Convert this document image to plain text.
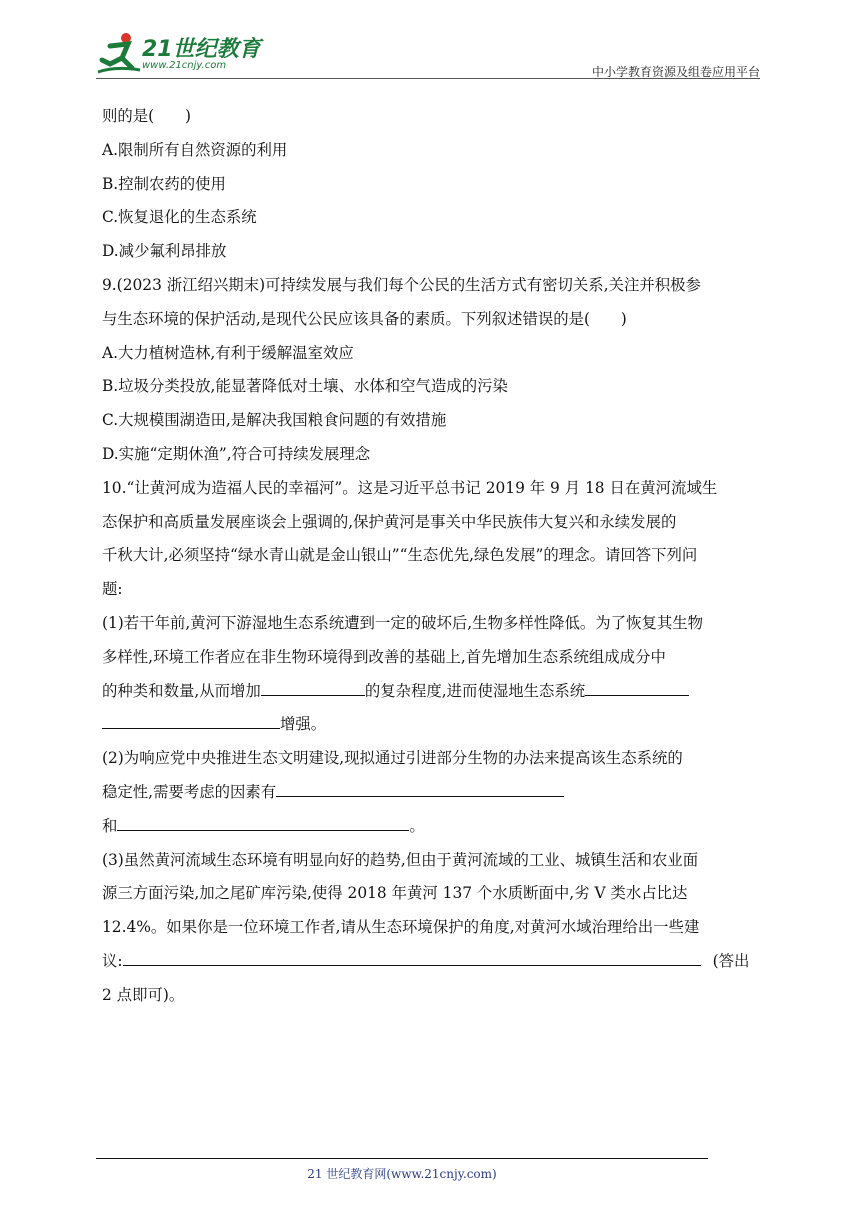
21世纪教育
www.21cnjy.com	中小学教育资源及组卷应用平台
则的是(　　)
A.限制所有自然资源的利用
B.控制农药的使用
C.恢复退化的生态系统
D.减少氟利昂排放
9.(2023 浙江绍兴期末)可持续发展与我们每个公民的生活方式有密切关系,关注并积极参
与生态环境的保护活动,是现代公民应该具备的素质。下列叙述错误的是(　　)
A.大力植树造林,有利于缓解温室效应
B.垃圾分类投放,能显著降低对土壤、水体和空气造成的污染
C.大规模围湖造田,是解决我国粮食问题的有效措施
D.实施“定期休渔”,符合可持续发展理念
10.“让黄河成为造福人民的幸福河”。这是习近平总书记 2019 年 9 月 18 日在黄河流域生
态保护和高质量发展座谈会上强调的,保护黄河是事关中华民族伟大复兴和永续发展的
千秋大计,必须坚持“绿水青山就是金山银山”“生态优先,绿色发展”的理念。请回答下列问
题:
(1)若干年前,黄河下游湿地生态系统遭到一定的破坏后,生物多样性降低。为了恢复其生物
多样性,环境工作者应在非生物环境得到改善的基础上,首先增加生态系统组成成分中
的种类和数量,从而增加	的复杂程度,进而使湿地生态系统
增强。
(2)为响应党中央推进生态文明建设,现拟通过引进部分生物的办法来提高该生态系统的
稳定性,需要考虑的因素有
和	。
(3)虽然黄河流域生态环境有明显向好的趋势,但由于黄河流域的工业、城镇生活和农业面
源三方面污染,加之尾矿库污染,使得 2018 年黄河 137 个水质断面中,劣 V 类水占比达
12.4%。如果你是一位环境工作者,请从生态环境保护的角度,对黄河水域治理给出一些建
议:	(答出
2 点即可)。
21 世纪教育网(www.21cnjy.com)
